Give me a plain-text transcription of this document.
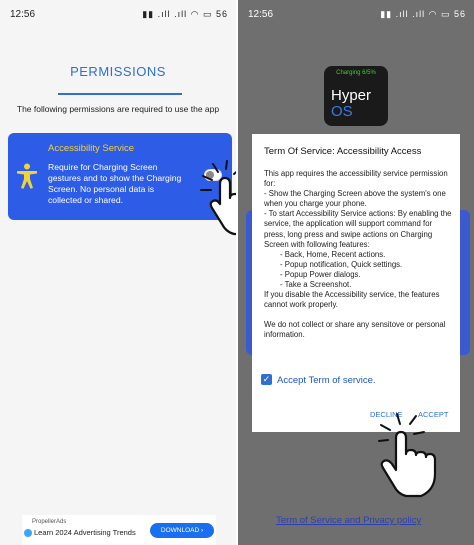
12:56	▮▮ .ıll .ıll ◠ ▭ 56
PERMISSIONS
The following permissions are required to use the app
Accessibility Service
Require for Charging Screen gestures and to show the Charging Screen. No personal data is collected or shared.
PropellerAds
Learn 2024 Advertising Trends	DOWNLOAD ›
12:56	▮▮ .ıll .ıll ◠ ▭ 56
Charging 6/5%
Hyper
OS
Term Of Service: Accessibility Access

This app requires the accessibility service permission for:

- Show the Charging Screen above the system's one when you charge your phone.

- To start Accessibility Service actions: By enabling the service, the application will support command for press, long press and swipe actions on Charging Screen with following features:

- Back, Home, Recent actions.

- Popup notification, Quick settings.

- Popup Power dialogs.

- Take a Screenshot.

If you disable the Accessibility service, the features cannot work properly.

We do not collect or share any sensitove or personal information.

✓ Accept Term of service.
DECLINE ACCEPT
Term of Service and Privacy policy
